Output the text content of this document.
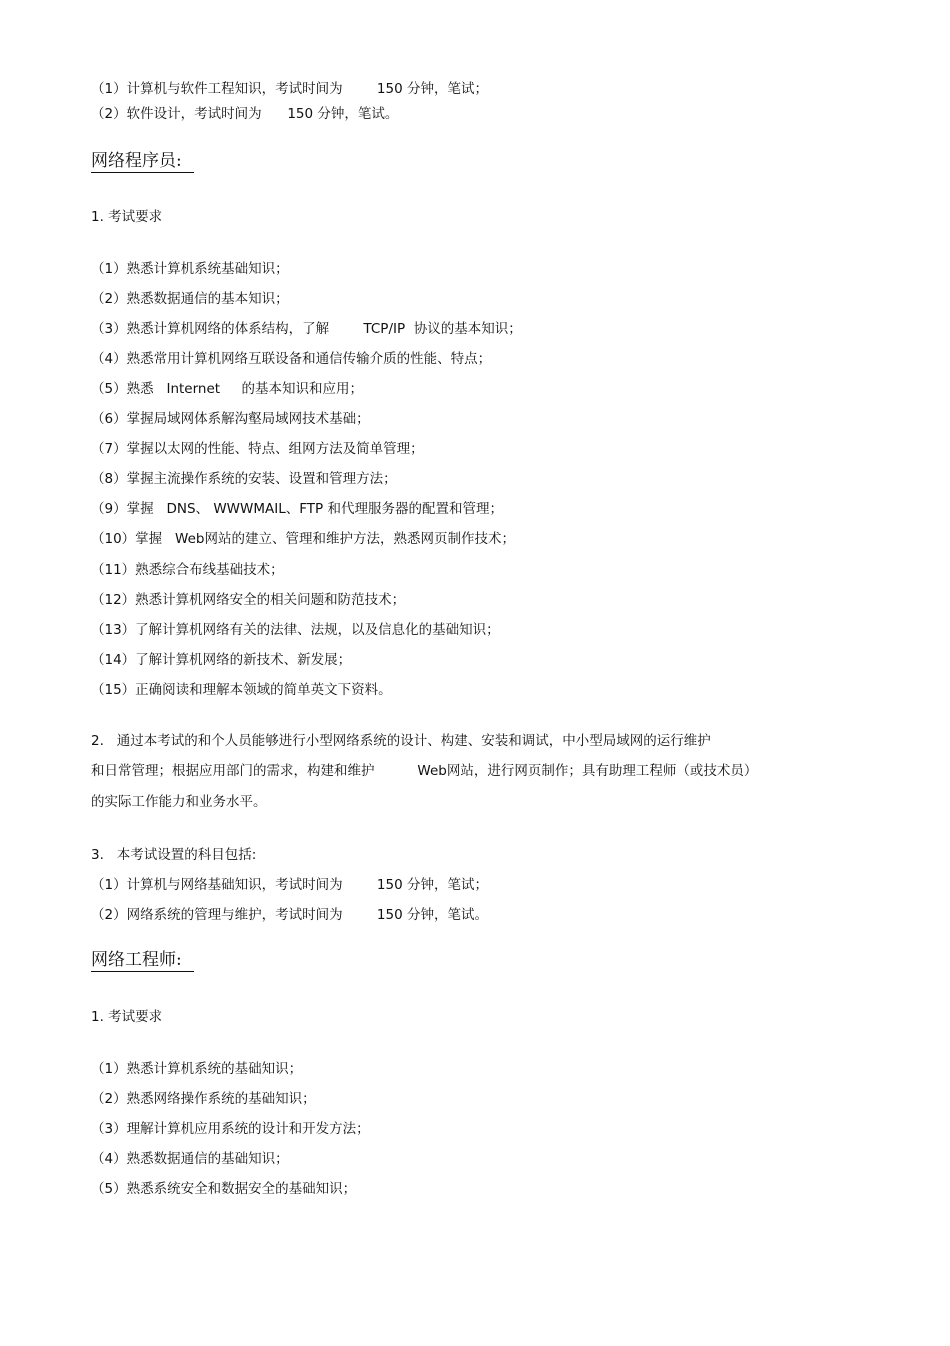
（1）计算机与软件工程知识，考试时间为        150 分钟，笔试；
（2）软件设计，考试时间为      150 分钟，笔试。
网络程序员:
1. 考试要求
（1）熟悉计算机系统基础知识；
（2）熟悉数据通信的基本知识；
（3）熟悉计算机网络的体系结构，了解        TCP/IP  协议的基本知识；
（4）熟悉常用计算机网络互联设备和通信传输介质的性能、特点；
（5）熟悉   Internet     的基本知识和应用；
（6）掌握局域网体系解沟壑局域网技术基础；
（7）掌握以太网的性能、特点、组网方法及简单管理；
（8）掌握主流操作系统的安装、设置和管理方法；
（9）掌握   DNS、 WWWMAIL、FTP 和代理服务器的配置和管理；
（10）掌握   Web网站的建立、管理和维护方法，熟悉网页制作技术；
（11）熟悉综合布线基础技术；
（12）熟悉计算机网络安全的相关问题和防范技术；
（13）了解计算机网络有关的法律、法规，以及信息化的基础知识；
（14）了解计算机网络的新技术、新发展；
（15）正确阅读和理解本领域的简单英文下资料。
2.   通过本考试的和个人员能够进行小型网络系统的设计、构建、安装和调试，中小型局域网的运行维护
和日常管理；根据应用部门的需求，构建和维护          Web网站，进行网页制作；具有助理工程师（或技术员）
的实际工作能力和业务水平。
3.   本考试设置的科目包括:
（1）计算机与网络基础知识，考试时间为        150 分钟，笔试；
（2）网络系统的管理与维护，考试时间为        150 分钟，笔试。
网络工程师:
1. 考试要求
（1）熟悉计算机系统的基础知识；
（2）熟悉网络操作系统的基础知识；
（3）理解计算机应用系统的设计和开发方法；
（4）熟悉数据通信的基础知识；
（5）熟悉系统安全和数据安全的基础知识；
